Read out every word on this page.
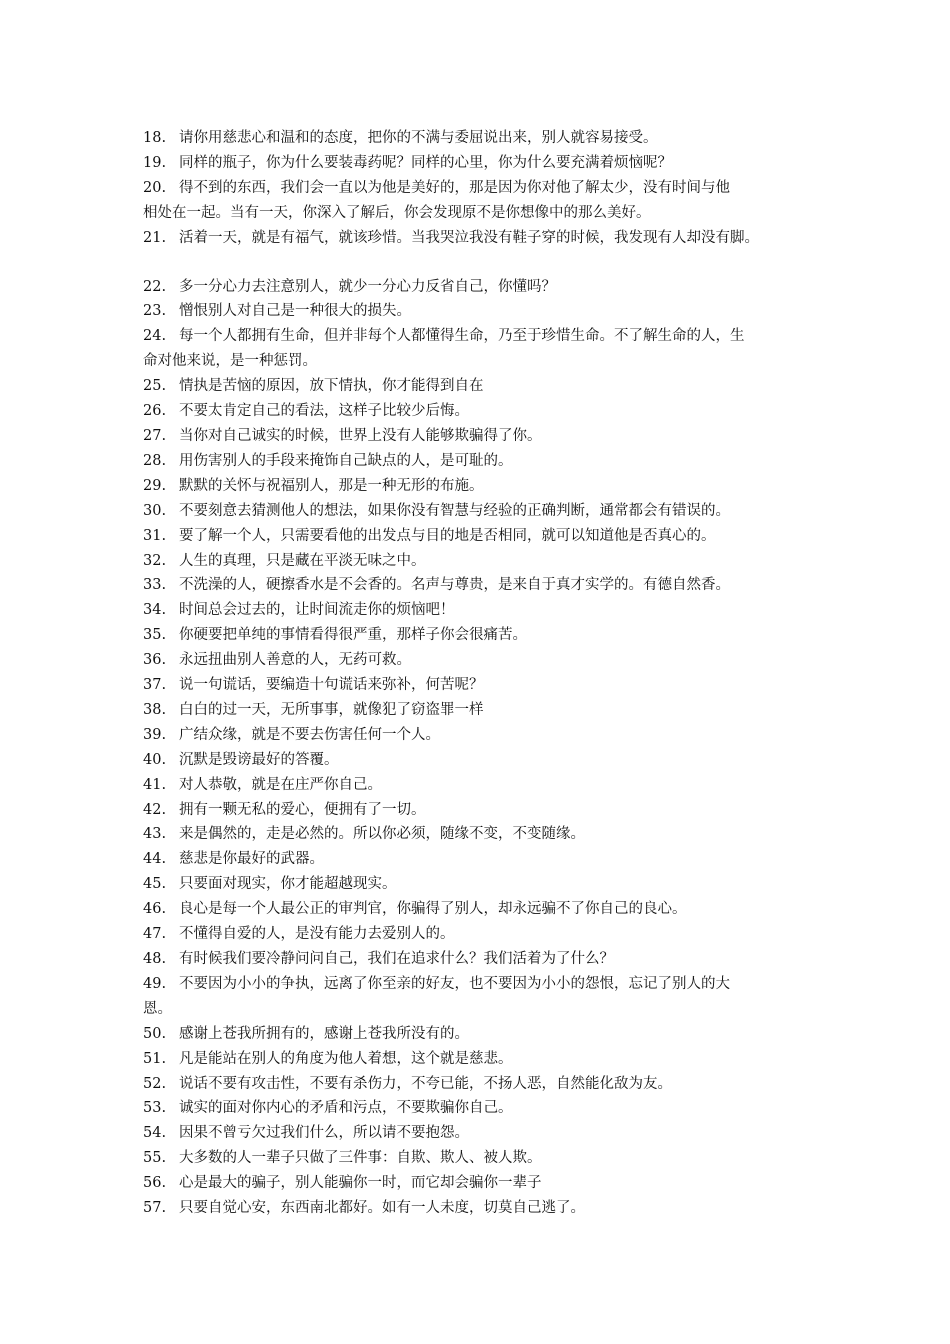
18. 请你用慈悲心和温和的态度，把你的不满与委屈说出来，别人就容易接受。
19. 同样的瓶子，你为什么要装毒药呢？同样的心里，你为什么要充满着烦恼呢？
20. 得不到的东西，我们会一直以为他是美好的，那是因为你对他了解太少，没有时间与他
相处在一起。当有一天，你深入了解后，你会发现原不是你想像中的那么美好。
21. 活着一天，就是有福气，就该珍惜。当我哭泣我没有鞋子穿的时候，我发现有人却没有脚。
22. 多一分心力去注意别人，就少一分心力反省自己，你懂吗？
23. 憎恨别人对自己是一种很大的损失。
24. 每一个人都拥有生命，但并非每个人都懂得生命，乃至于珍惜生命。不了解生命的人，生
命对他来说，是一种惩罚。
25. 情执是苦恼的原因，放下情执，你才能得到自在
26. 不要太肯定自己的看法，这样子比较少后悔。
27. 当你对自己诚实的时候，世界上没有人能够欺骗得了你。
28. 用伤害别人的手段来掩饰自己缺点的人，是可耻的。
29. 默默的关怀与祝福别人，那是一种无形的布施。
30. 不要刻意去猜测他人的想法，如果你没有智慧与经验的正确判断，通常都会有错误的。
31. 要了解一个人，只需要看他的出发点与目的地是否相同，就可以知道他是否真心的。
32. 人生的真理，只是藏在平淡无味之中。
33. 不洗澡的人，硬擦香水是不会香的。名声与尊贵，是来自于真才实学的。有德自然香。
34. 时间总会过去的，让时间流走你的烦恼吧！
35. 你硬要把单纯的事情看得很严重，那样子你会很痛苦。
36. 永远扭曲别人善意的人，无药可救。
37. 说一句谎话，要编造十句谎话来弥补，何苦呢？
38. 白白的过一天，无所事事，就像犯了窃盗罪一样
39. 广结众缘，就是不要去伤害任何一个人。
40. 沉默是毁谤最好的答覆。
41. 对人恭敬，就是在庄严你自己。
42. 拥有一颗无私的爱心，便拥有了一切。
43. 来是偶然的，走是必然的。所以你必须，随缘不变，不变随缘。
44. 慈悲是你最好的武器。
45. 只要面对现实，你才能超越现实。
46. 良心是每一个人最公正的审判官，你骗得了别人，却永远骗不了你自己的良心。
47. 不懂得自爱的人，是没有能力去爱别人的。
48. 有时候我们要冷静问问自己，我们在追求什么？我们活着为了什么？
49. 不要因为小小的争执，远离了你至亲的好友，也不要因为小小的怨恨，忘记了别人的大
恩。
50. 感谢上苍我所拥有的，感谢上苍我所没有的。
51. 凡是能站在别人的角度为他人着想，这个就是慈悲。
52. 说话不要有攻击性，不要有杀伤力，不夸已能，不扬人恶，自然能化敌为友。
53. 诚实的面对你内心的矛盾和污点，不要欺骗你自己。
54. 因果不曾亏欠过我们什么，所以请不要抱怨。
55. 大多数的人一辈子只做了三件事：自欺、欺人、被人欺。
56. 心是最大的骗子，别人能骗你一时，而它却会骗你一辈子
57. 只要自觉心安，东西南北都好。如有一人未度，切莫自己逃了。
